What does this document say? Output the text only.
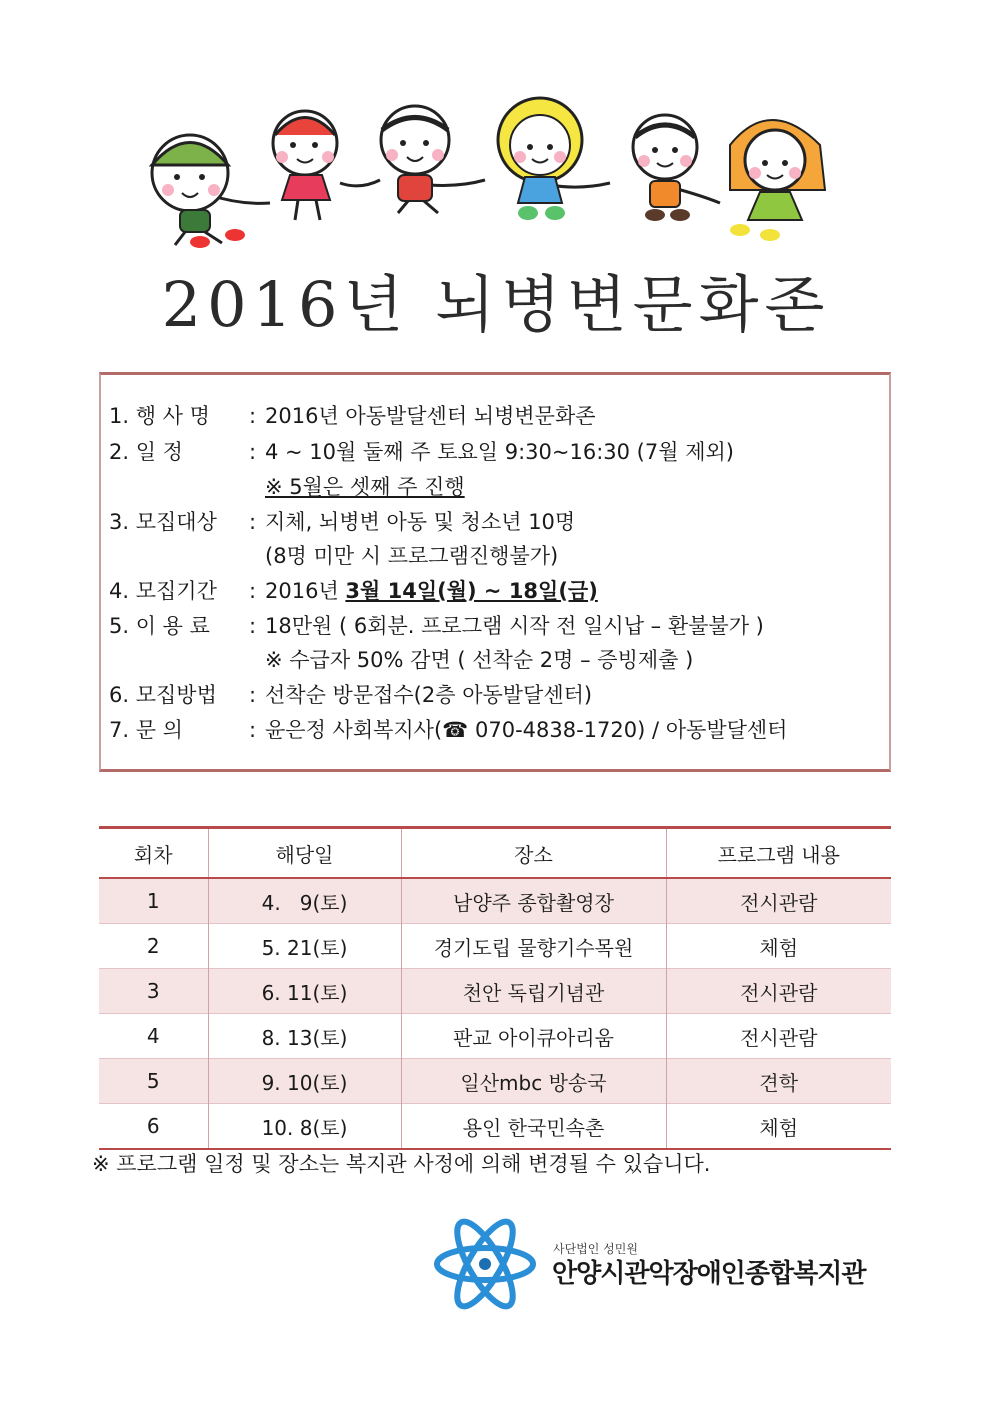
2016년 뇌병변문화존
1. 행 사 명 : 2016년 아동발달센터 뇌병변문화존
2. 일 정	: 4 ~ 10월 둘째 주 토요일 9:30~16:30 (7월 제외)
※ 5월은 셋째 주 진행
3. 모집대상 : 지체, 뇌병변 아동 및 청소년 10명
(8명 미만 시 프로그램진행불가)
4. 모집기간 : 2016년 3월 14일(월) ~ 18일(금)
5. 이 용 료 : 18만원 ( 6회분. 프로그램 시작 전 일시납 – 환불불가 )
※ 수급자 50% 감면 ( 선착순 2명 – 증빙제출 )
6. 모집방법 : 선착순 방문접수(2층 아동발달센터)
7. 문 의	: 윤은정 사회복지사(☎ 070-4838-1720) / 아동발달센터
회차	해당일	장소	프로그램 내용
1	4.   9(토)	남양주 종합촬영장	전시관람
2	5. 21(토)	경기도립 물향기수목원	체험
3	6. 11(토)	천안 독립기념관	전시관람
4	8. 13(토)	판교 아이큐아리움	전시관람
5	9. 10(토)	일산mbc 방송국	견학
6	10. 8(토)	용인 한국민속촌	체험
※ 프로그램 일정 및 장소는 복지관 사정에 의해 변경될 수 있습니다.
사단법인 성민원
안양시관악장애인종합복지관
